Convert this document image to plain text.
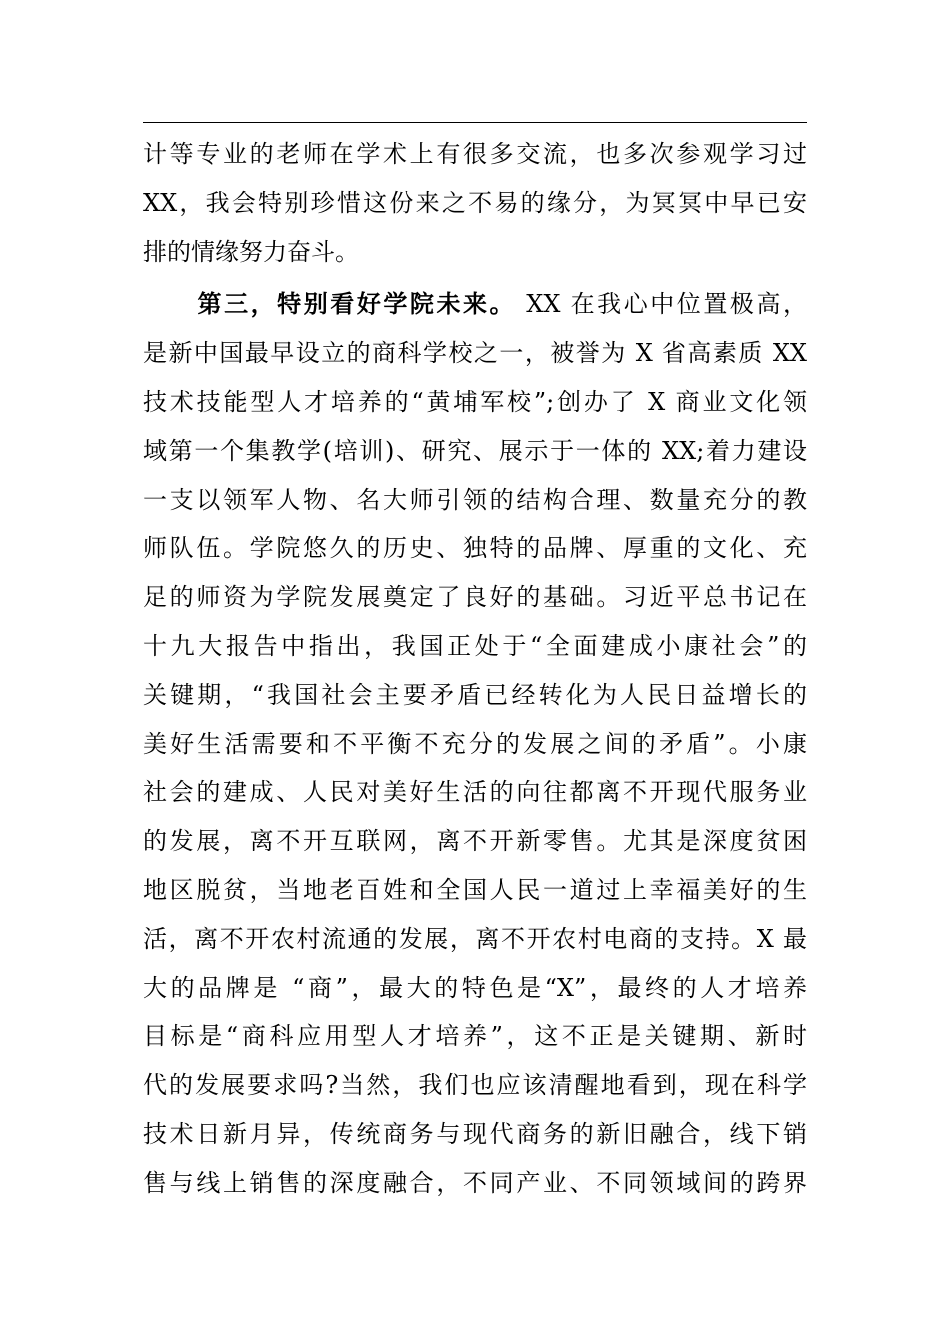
计等专业的老师在学术上有很多交流，也多次参观学习过
XX，我会特别珍惜这份来之不易的缘分，为冥冥中早已安
排的情缘努力奋斗。
第三，特别看好学院未来。 XX 在我心中位置极高，
是新中国最早设立的商科学校之一，被誉为 X 省高素质 XX
技术技能型人才培养的“黄埔军校”;创办了 X 商业文化领
域第一个集教学(培训)、研究、展示于一体的 XX;着力建设
一支以领军人物、名大师引领的结构合理、数量充分的教
师队伍。学院悠久的历史、独特的品牌、厚重的文化、充
足的师资为学院发展奠定了良好的基础。习近平总书记在
十九大报告中指出，我国正处于“全面建成小康社会”的
关键期，“我国社会主要矛盾已经转化为人民日益增长的
美好生活需要和不平衡不充分的发展之间的矛盾”。小康
社会的建成、人民对美好生活的向往都离不开现代服务业
的发展，离不开互联网，离不开新零售。尤其是深度贫困
地区脱贫，当地老百姓和全国人民一道过上幸福美好的生
活，离不开农村流通的发展，离不开农村电商的支持。X 最
大的品牌是 “商”，最大的特色是“X”，最终的人才培养
目标是“商科应用型人才培养”，这不正是关键期、新时
代的发展要求吗?当然，我们也应该清醒地看到，现在科学
技术日新月异，传统商务与现代商务的新旧融合，线下销
售与线上销售的深度融合，不同产业、不同领域间的跨界
